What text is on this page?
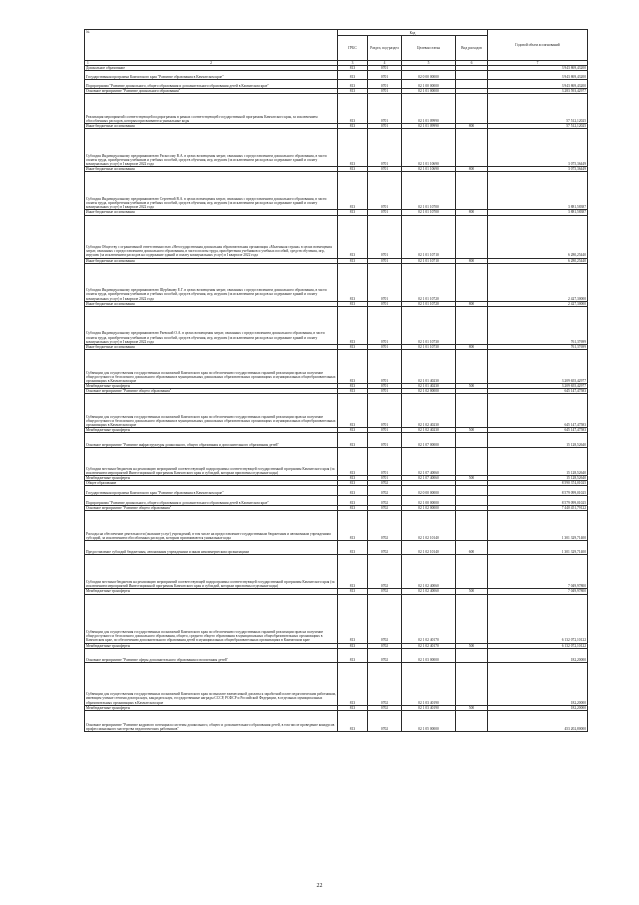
№	Код				Годовой объем ассигнований
	ГРБС	Раздел, под-раздел	Целевая статья	Вид расходов	

1 2	3	4	5	6	7
Дошкольное образование	813	0701			3 943 869,43200
Государственная программа Камчатского края "Развитие образования в Камчатском крае"	813	0701	02 0 00 00000		3 943 869,43200
Подпрограмма "Развитие дошкольного, общего образования и дополнительного образования детей в Камчатском крае"	813	0701	02 1 00 00000		3 943 869,43200
Основное мероприятие "Развитие дошкольного образования"	813	0701	02 1 01 00000		3 283 593,42977
Реализация мероприятий соответствующей подпрограммы в рамках соответствующей государственной программы Камчатского края, за исключением обособленных расходов, которым присваиваются уникальные коды	813	0701	02 1 01 09990		57 512,12025
Иные бюджетные ассигнования	813	0701	02 1 01 09990	800	57 512,12025
Субсидия Индивидуальному предпринимателю Раскосому В.А. в целях возмещения затрат, связанных с предоставлением дошкольного образования, в части оплаты труда, приобретения учебников и учебных пособий, средств обучения, игр, игрушек (за исключением расходов на содержание зданий и оплату коммунальных услуг) в I квартале 2022 года	813	0701	02 1 01 10690		3 075,36449
Иные бюджетные ассигнования	813	0701	02 1 01 10690	800	3 075,36449
Субсидия Индивидуальному предпринимателю Сергеевой В.А. в целях возмещения затрат, связанных с предоставлением дошкольного образования, в части оплаты труда, приобретения учебников и учебных пособий, средств обучения, игр, игрушек (за исключением расходов на содержание зданий и оплату коммунальных услуг) в I квартале 2022 года	813	0701	02 1 01 10700		3 881,58387
Иные бюджетные ассигнования	813	0701	02 1 01 10700	800	3 881,58387
Субсидия Обществу с ограниченной ответственностью «Негосударственная дошкольная образовательная организация «Маленькая страна» в целях возмещения затрат, связанных с предоставлением дошкольного образования, в части оплаты труда, приобретения учебников и учебных пособий, средств обучения, игр, игрушек (за исключением расходов на содержание зданий и оплату коммунальных услуг) в I квартале 2022 года	813	0701	02 1 01 10710		6 280,25440
Иные бюджетные ассигнования	813	0701	02 1 01 10710	800	6 280,25440
Субсидия Индивидуальному предпринимателю Щербакову Е.Г. в целях возмещения затрат, связанных с предоставлением дошкольного образования, в части оплаты труда, приобретения учебников и учебных пособий, средств обучения, игр, игрушек (за исключением расходов на содержание зданий и оплату коммунальных услуг) в I квартале 2022 года	813	0701	02 1 01 10720		2 427,30000
Иные бюджетные ассигнования	813	0701	02 1 01 10720	800	2 427,30000
Субсидия Индивидуальному предпринимателю Раевской О.А. в целях возмещения затрат, связанных с предоставлением дошкольного образования, в части оплаты труда, приобретения учебников и учебных пособий, средств обучения, игр, игрушек (за исключением расходов на содержание зданий и оплату коммунальных услуг) в I квартале 2022 года	813	0701	02 1 01 10730		761,37699
Иные бюджетные ассигнования	813	0701	02 1 01 10730	800	761,37699
Субвенции для осуществления государственных полномочий Камчатского края по обеспечению государственных гарантий реализации прав на получение общедоступного и бесплатного дошкольного образования в муниципальных дошкольных образовательных организациях и муниципальных общеобразовательных организациях в Камчатском крае	813	0701	02 1 01 40230		3 209 655,42977
Межбюджетные трансферты	813	0701	02 1 01 40230	500	3 209 655,42977
Основное мероприятие "Развитие общего образования"	813	0701	02 1 02 00000		645 147,47583
Субвенции для осуществления государственных полномочий Камчатского края по обеспечению государственных гарантий реализации прав на получение общедоступного и бесплатного дошкольного образования в муниципальных дошкольных образовательных организациях и муниципальных общеобразовательных организациях в Камчатском крае	813	0701	02 1 02 40230		645 147,47583
Межбюджетные трансферты	813	0701	02 1 02 40230	500	645 147,47583
Основное мероприятие "Развитие инфраструктуры дошкольного, общего образования и дополнительного образования детей"	813	0701	02 1 07 00000		15 128,52640
Субсидии местным бюджетам на реализацию мероприятий соответствующей подпрограммы соответствующей государственной программы Камчатского края (за исключением мероприятий Инвестиционной программы Камчатского края и субсидий, которым присвоены отдельные коды)	813	0701	02 1 07 40060		15 128,52640
Межбюджетные трансферты	813	0701	02 1 07 40060	500	15 128,52640
Общее образование	813	0702			8 590 374,01025
Государственная программа Камчатского края "Развитие образования в Камчатском крае"	813	0702	02 0 00 00000		8 579 099,01025
Подпрограмма "Развитие дошкольного, общего образования и дополнительного образования детей в Камчатском крае"	813	0702	02 1 00 00000		8 579 099,01025
Основное мероприятие "Развитие общего образования"	813	0702	02 1 02 00000		7 440 451,79122
Расходы на обеспечение деятельности (оказание услуг) учреждений, в том числе на предоставление государственным бюджетным и автономным учреждениям субсидий, за исключением обособленных расходов, которым присваиваются уникальные коды	813	0702	02 1 02 10140		1 301 329,71400
Предоставление субсидий бюджетным, автономным учреждениям и иным некоммерческим организациям	813	0702	02 1 02 10140	600	1 301 329,71400
Субсидии местным бюджетам на реализацию мероприятий соответствующей подпрограммы соответствующей государственной программы Камчатского края (за исключением мероприятий Инвестиционной программы Камчатского края и субсидий, которым присвоены отдельные коды)	813	0702	02 1 02 40060		7 049,97800
Межбюджетные трансферты	813	0702	02 1 02 40060	500	7 049,97800
Субвенции для осуществления государственных полномочий Камчатского края по обеспечению государственных гарантий реализации прав на получение общедоступного и бесплатного дошкольного образования, общего, среднего общего образования в муниципальных общеобразовательных организациях в Камчатском крае, по обеспечению дополнительного образования детей в муниципальных общеобразовательных организациях в Камчатском крае	813	0702	02 1 02 40170		6 132 072,10122
Межбюджетные трансферты	813	0702	02 1 02 40170	500	6 132 072,10122
Основное мероприятие "Развитие сферы дополнительного образования и воспитания детей"	813	0702	02 1 03 00000		182,20000
Субвенции для осуществления государственных полномочий Камчатского края по выплате ежемесячной доплаты к заработной плате педагогическим работникам, имеющим ученые степени доктора наук, кандидата наук, государственные награды СССР, РСФСР и Российской Федерации, в отдельных муниципальных образовательных организациях в Камчатском крае	813	0702	02 1 03 40190		182,20000
Межбюджетные трансферты	813	0702	02 1 03 40190	500	182,20000
Основное мероприятие "Развитие кадрового потенциала системы дошкольного, общего и дополнительного образования детей, в том числе проведение конкурсов профессионального мастерства педагогических работников"	813	0702	02 1 05 00000		453 202,80000
22
